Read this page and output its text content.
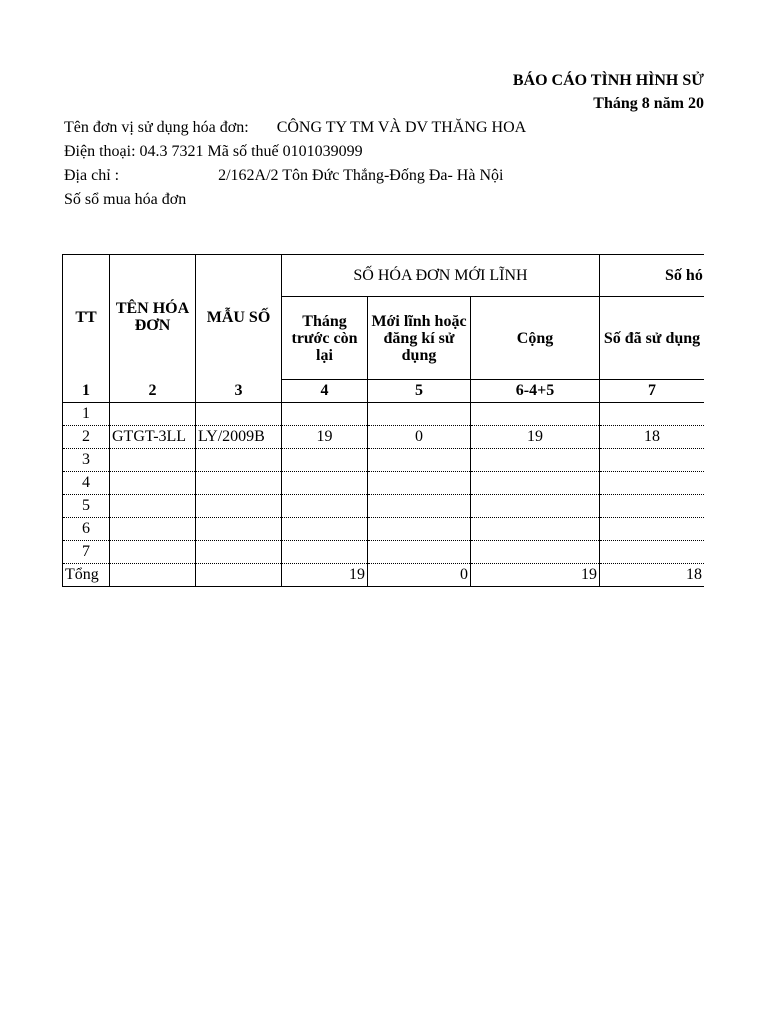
BÁO CÁO TÌNH HÌNH SỬ
Tháng 8 năm 20
Tên đơn vị sử dụng hóa đơn: CÔNG TY TM VÀ DV THĂNG HOA
Điện thoại: 04.3 7321 Mã số thuế 0101039099
Địa chỉ :	2/162A/2 Tôn Đức Thắng-Đống Đa- Hà Nội
Số sổ mua hóa đơn
TT	TÊN HÓA ĐƠN	MẪU SỐ	SỐ HÓA ĐƠN MỚI LĨNH			Số hó	
			Tháng trước còn lại	Mới lĩnh hoặc đăng kí sử dụng	Cộng	Số đã sử dụng	
1	2	3	4	5	6-4+5	7	
1							
2	GTGT-3LL	LY/2009B	19	0	19	18	
3							
4							
5							
6							
7							
Tổng			19	0	19	18	
